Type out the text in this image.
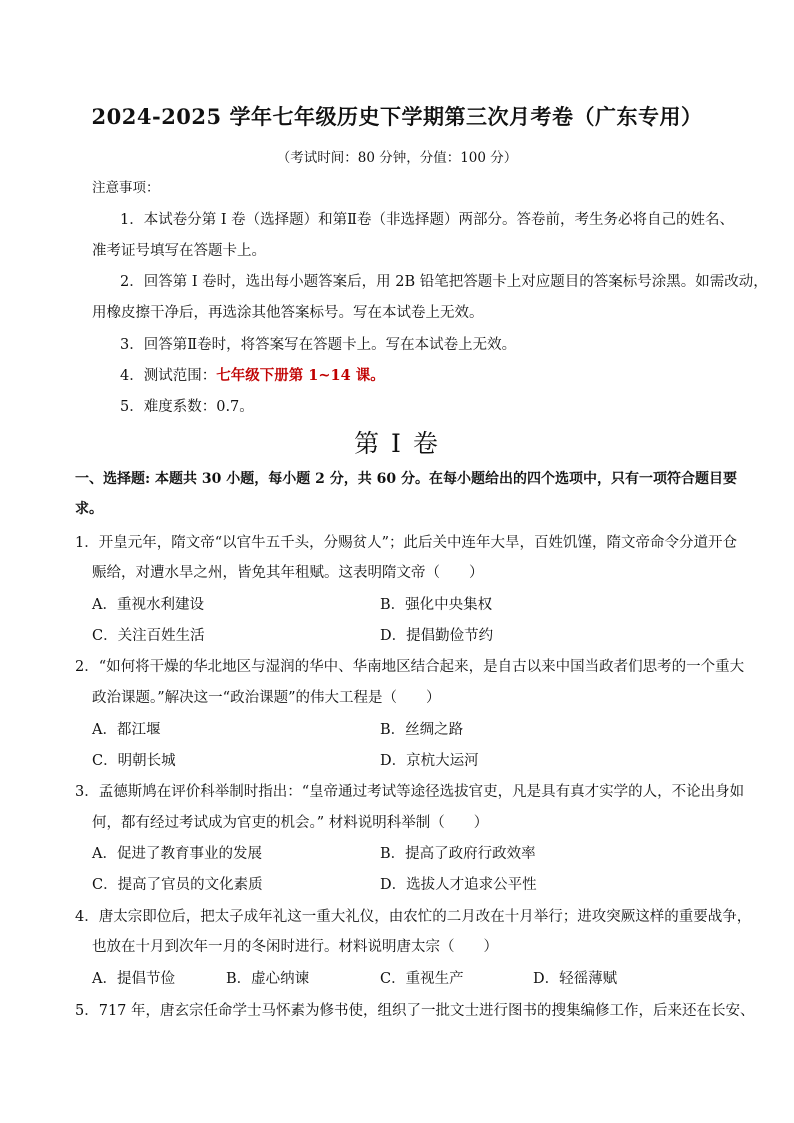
2024-2025 学年七年级历史下学期第三次月考卷（广东专用）
（考试时间：80 分钟，分值：100 分）
注意事项：
1．本试卷分第 I 卷（选择题）和第Ⅱ卷（非选择题）两部分。答卷前，考生务必将自己的姓名、
准考证号填写在答题卡上。
2．回答第 I 卷时，选出每小题答案后，用 2B 铅笔把答题卡上对应题目的答案标号涂黑。如需改动，
用橡皮擦干净后，再选涂其他答案标号。写在本试卷上无效。
3．回答第Ⅱ卷时，将答案写在答题卡上。写在本试卷上无效。
4．测试范围：七年级下册第 1~14 课。
5．难度系数：0.7。
第 I 卷
一、选择题: 本题共 30 小题，每小题 2 分，共 60 分。在每小题给出的四个选项中，只有一项符合题目要
求。
1．开皇元年，隋文帝“以官牛五千头，分赐贫人”；此后关中连年大旱，百姓饥馑，隋文帝命令分道开仓
赈给，对遭水旱之州，皆免其年租赋。这表明隋文帝（　　）
A．重视水利建设	B．强化中央集权
C．关注百姓生活	D．提倡勤俭节约
2．“如何将干燥的华北地区与湿润的华中、华南地区结合起来，是自古以来中国当政者们思考的一个重大
政治课题。”解决这一“政治课题”的伟大工程是（　　）
A．都江堰	B．丝绸之路
C．明朝长城	D．京杭大运河
3．孟德斯鸠在评价科举制时指出：“皇帝通过考试等途径选拔官吏，凡是具有真才实学的人，不论出身如
何，都有经过考试成为官吏的机会。” 材料说明科举制（　　）
A．促进了教育事业的发展	B．提高了政府行政效率
C．提高了官员的文化素质	D．选拔人才追求公平性
4．唐太宗即位后，把太子成年礼这一重大礼仪，由农忙的二月改在十月举行；进攻突厥这样的重要战争，
也放在十月到次年一月的冬闲时进行。材料说明唐太宗（　　）
A．提倡节俭	B．虚心纳谏	C．重视生产	D．轻徭薄赋
5．717 年，唐玄宗任命学士马怀素为修书使，组织了一批文士进行图书的搜集编修工作，后来还在长安、
